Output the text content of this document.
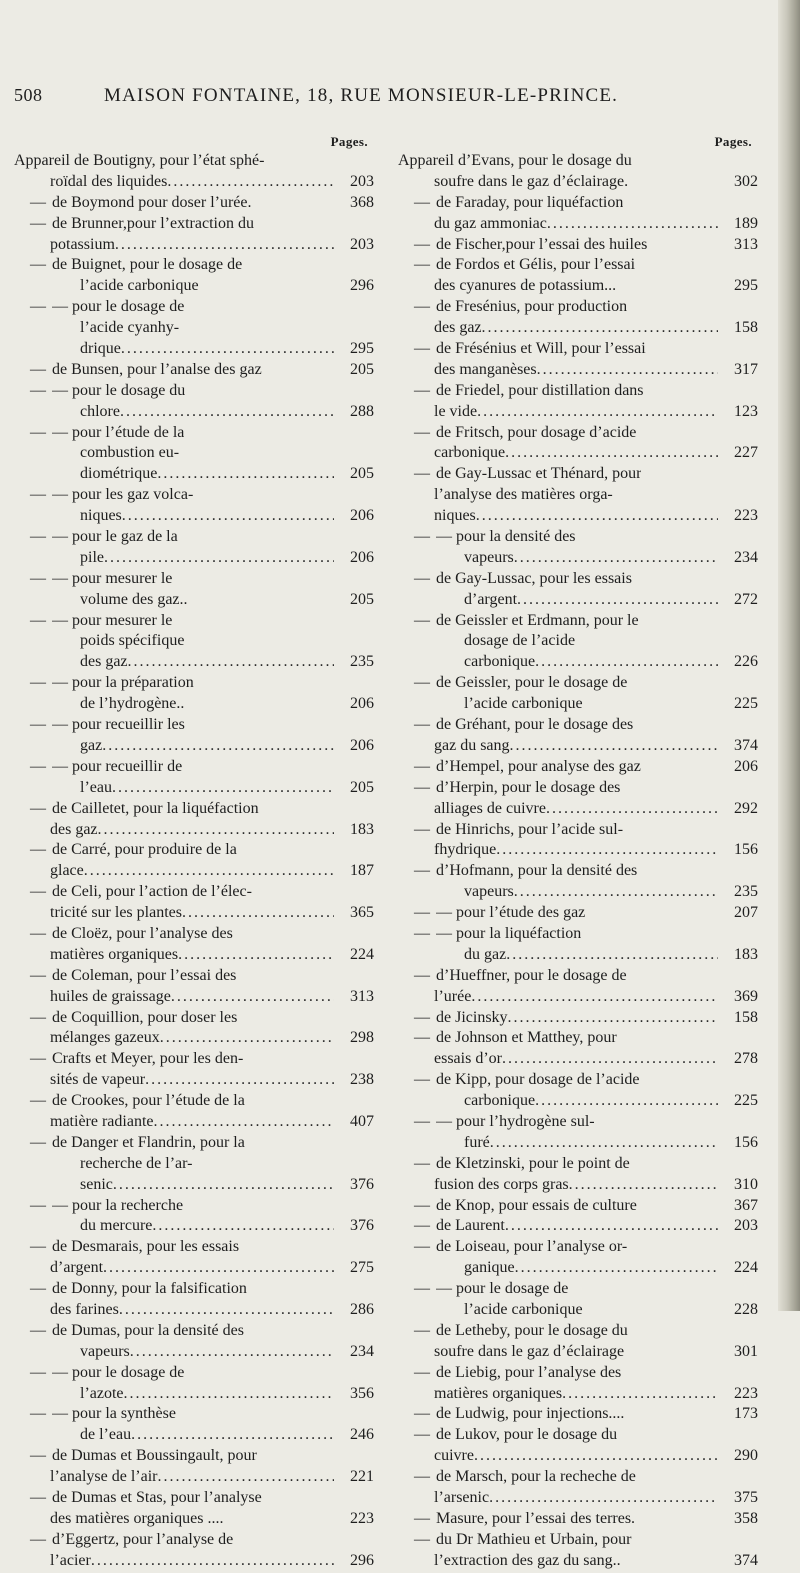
508	MAISON FONTAINE, 18, RUE MONSIEUR-LE-PRINCE.
Pages.
Appareil de Boutigny, pour l’état sphé-
roïdal des liquides . . .	203
— de Boymond pour doser l’urée.	368
— de Brunner,pour l’extraction du
potassium . . .	203
— de Buignet, pour le dosage de
l’acide carbonique	296
— — pour le dosage de
l’acide cyanhy-
drique . . .	295
— de Bunsen, pour l’analse des gaz	205
— — pour le dosage du
chlore . . .	288
— — pour l’étude de la
combustion eu-
diométrique . . .	205
— — pour les gaz volca-
niques . . .	206
— — pour le gaz de la
pile . . .	206
— — pour mesurer le
volume des gaz..	205
— — pour mesurer le
poids spécifique
des gaz . . .	235
— — pour la préparation
de l’hydrogène..	206
— — pour recueillir les
gaz . . .	206
— — pour recueillir de
l’eau . . .	205
— de Cailletet, pour la liquéfaction
des gaz . . .	183
— de Carré, pour produire de la
glace . . .	187
— de Celi, pour l’action de l’élec-
tricité sur les plantes . . .	365
— de Cloëz, pour l’analyse des
matières organiques . . .	224
— de Coleman, pour l’essai des
huiles de graissage . . .	313
— de Coquillion, pour doser les
mélanges gazeux . . .	298
— Crafts et Meyer, pour les den-
sités de vapeur . . .	238
— de Crookes, pour l’étude de la
matière radiante . . .	407
— de Danger et Flandrin, pour la
recherche de l’ar-
senic . . .	376
— — pour la recherche
du mercure . . .	376
— de Desmarais, pour les essais
d’argent . . .	275
— de Donny, pour la falsification
des farines . . .	286
— de Dumas, pour la densité des
vapeurs . . .	234
— — pour le dosage de
l’azote . . .	356
— — pour la synthèse
de l’eau . . .	246
— de Dumas et Boussingault, pour
l’analyse de l’air . . .	221
— de Dumas et Stas, pour l’analyse
des matières organiques ....	223
— d’Eggertz, pour l’analyse de
l’acier . . .	296
Pages.
Appareil d’Evans, pour le dosage du
soufre dans le gaz d’éclairage.	302
— de Faraday, pour liquéfaction
du gaz ammoniac . . .	189
— de Fischer,pour l’essai des huiles	313
— de Fordos et Gélis, pour l’essai
des cyanures de potassium...	295
— de Fresénius, pour production
des gaz . . .	158
— de Frésénius et Will, pour l’essai
des manganèses . . .	317
— de Friedel, pour distillation dans
le vide . . .	123
— de Fritsch, pour dosage d’acide
carbonique . . .	227
— de Gay-Lussac et Thénard, pour
l’analyse des matières orga-
niques . . .	223
— — pour la densité des
vapeurs . . .	234
— de Gay-Lussac, pour les essais
d’argent . . .	272
— de Geissler et Erdmann, pour le
dosage de l’acide
carbonique . . .	226
— de Geissler, pour le dosage de
l’acide carbonique	225
— de Gréhant, pour le dosage des
gaz du sang . . .	374
— d’Hempel, pour analyse des gaz	206
— d’Herpin, pour le dosage des
alliages de cuivre . . .	292
— de Hinrichs, pour l’acide sul-
fhydrique . . .	156
— d’Hofmann, pour la densité des
vapeurs . . .	235
— — pour l’étude des gaz	207
— — pour la liquéfaction
du gaz . . .	183
— d’Hueffner, pour le dosage de
l’urée . . .	369
— de Jicinsky . . .	158
— de Johnson et Matthey, pour
essais d’or . . .	278
— de Kipp, pour dosage de l’acide
carbonique . . .	225
— — pour l’hydrogène sul-
furé . . .	156
— de Kletzinski, pour le point de
fusion des corps gras . . .	310
— de Knop, pour essais de culture	367
— de Laurent . . .	203
— de Loiseau, pour l’analyse or-
ganique . . .	224
— — pour le dosage de
l’acide carbonique	228
— de Letheby, pour le dosage du
soufre dans le gaz d’éclairage	301
— de Liebig, pour l’analyse des
matières organiques . . .	223
— de Ludwig, pour injections....	173
— de Lukov, pour le dosage du
cuivre . . .	290
— de Marsch, pour la recheche de
l’arsenic . . .	375
— Masure, pour l’essai des terres.	358
— du Dr Mathieu et Urbain, pour
l’extraction des gaz du sang..	374
